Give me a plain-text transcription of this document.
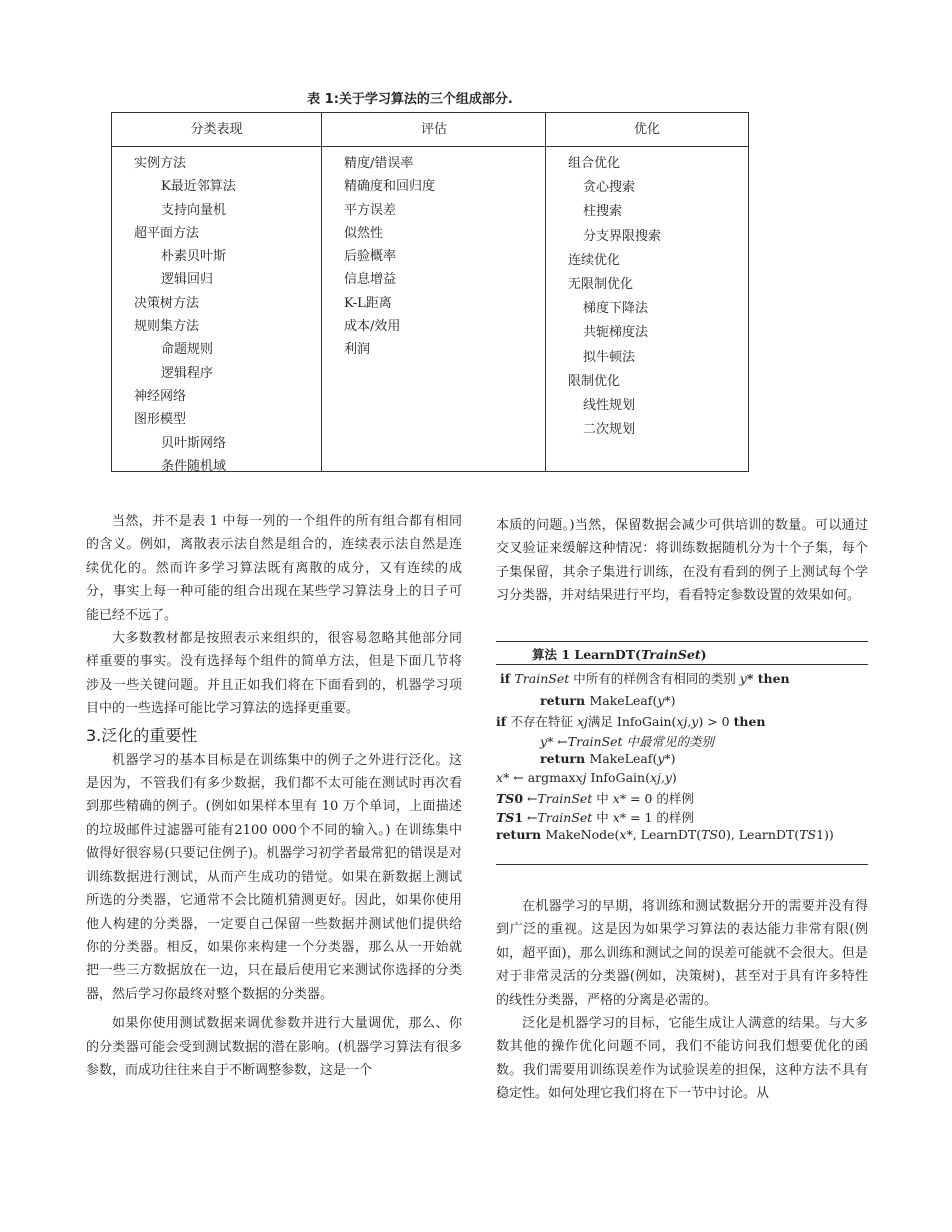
表 1:关于学习算法的三个组成部分.
分类表现
实例方法
K最近邻算法
支持向量机
超平面方法
朴素贝叶斯
逻辑回归
决策树方法
规则集方法
命题规则
逻辑程序
神经网络
图形模型
贝叶斯网络
条件随机域
评估
精度/错误率
精确度和回归度
平方误差
似然性
后验概率
信息增益
K-L距离
成本/效用
利润
优化
组合优化
贪心搜索
柱搜索
分支界限搜索
连续优化
无限制优化
梯度下降法
共轭梯度法
拟牛顿法
限制优化
线性规划
二次规划

当然，并不是表 1 中每一列的一个组件的所有组合都有相同的含义。例如，离散表示法自然是组合的，连续表示法自然是连续优化的。然而许多学习算法既有离散的成分，又有连续的成分，事实上每一种可能的组合出现在某些学习算法身上的日子可能已经不远了。

大多数教材都是按照表示来组织的，很容易忽略其他部分同样重要的事实。没有选择每个组件的简单方法，但是下面几节将涉及一些关键问题。并且正如我们将在下面看到的，机器学习项目中的一些选择可能比学习算法的选择更重要。

3.泛化的重要性

机器学习的基本目标是在训练集中的例子之外进行泛化。这是因为，不管我们有多少数据，我们都不太可能在测试时再次看到那些精确的例子。(例如如果样本里有 10 万个单词，上面描述的垃圾邮件过滤器可能有2100 000个不同的输入。) 在训练集中做得好很容易(只要记住例子)。机器学习初学者最常犯的错误是对训练数据进行测试，从而产生成功的错觉。如果在新数据上测试所选的分类器，它通常不会比随机猜测更好。因此，如果你使用他人构建的分类器，一定要自己保留一些数据并测试他们提供给你的分类器。相反，如果你来构建一个分类器，那么从一开始就把一些三方数据放在一边，只在最后使用它来测试你选择的分类器，然后学习你最终对整个数据的分类器。

如果你使用测试数据来调优参数并进行大量调优，那么、你的分类器可能会受到测试数据的潜在影响。(机器学习算法有很多参数，而成功往往来自于不断调整参数，这是一个

本质的问题。)当然，保留数据会减少可供培训的数量。可以通过交叉验证来缓解这种情况：将训练数据随机分为十个子集，每个子集保留，其余子集进行训练，在没有看到的例子上测试每个学习分类器，并对结果进行平均，看看特定参数设置的效果如何。

算法 1 LearnDT(TrainSet)
if TrainSet 中所有的样例含有相同的类别 y* then
return MakeLeaf(y*)
if 不存在特征 xj满足 InfoGain(xj,y) > 0 then
y* ←TrainSet 中最常见的类别
return MakeLeaf(y*)
x* ← argmaxxj InfoGain(xj,y)
TS0 ←TrainSet 中 x* = 0 的样例
TS1 ←TrainSet 中 x* = 1 的样例
return MakeNode(x*, LearnDT(TS0), LearnDT(TS1))

在机器学习的早期，将训练和测试数据分开的需要并没有得到广泛的重视。这是因为如果学习算法的表达能力非常有限(例如，超平面)，那么训练和测试之间的误差可能就不会很大。但是对于非常灵活的分类器(例如，决策树)，甚至对于具有许多特性的线性分类器，严格的分离是必需的。

泛化是机器学习的目标，它能生成让人满意的结果。与大多数其他的操作优化问题不同，我们不能访问我们想要优化的函数。我们需要用训练误差作为试验误差的担保，这种方法不具有稳定性。如何处理它我们将在下一节中讨论。从
